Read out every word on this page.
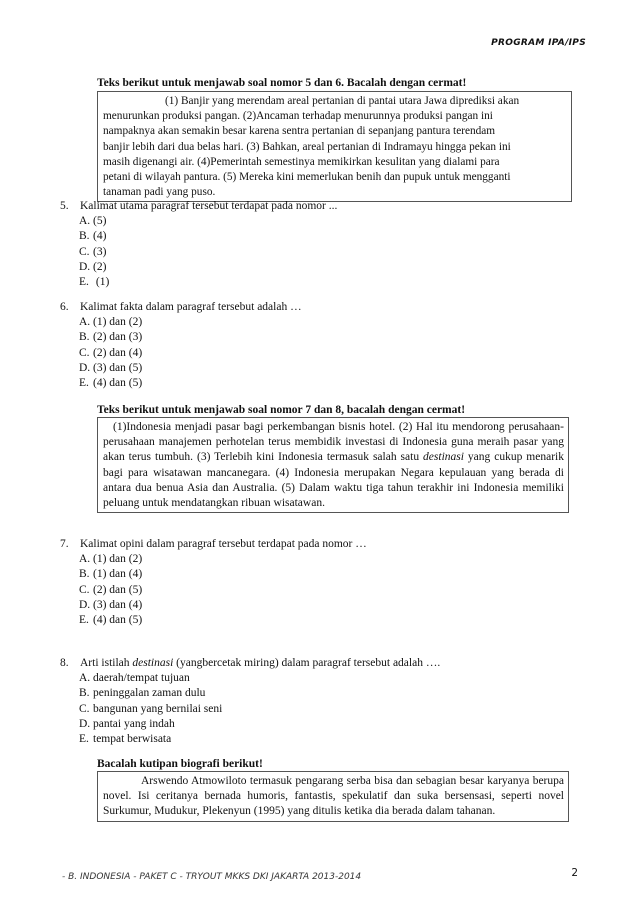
PROGRAM IPA/IPS
Teks berikut untuk menjawab soal nomor 5 dan 6. Bacalah dengan cermat!
(1) Banjir yang merendam areal pertanian di pantai utara Jawa diprediksi akan
menurunkan produksi pangan. (2)Ancaman terhadap menurunnya produksi pangan ini
nampaknya akan semakin besar karena sentra pertanian di sepanjang pantura terendam
banjir lebih dari dua belas hari. (3) Bahkan, areal pertanian di Indramayu hingga pekan ini
masih digenangi air. (4)Pemerintah semestinya memikirkan kesulitan yang dialami para
petani di wilayah pantura. (5) Mereka kini memerlukan benih dan pupuk untuk mengganti
tanaman padi yang puso.
5. Kalimat utama paragraf tersebut terdapat pada nomor ...
A. (5)
B. (4)
C. (3)
D. (2)
E. (1)
6. Kalimat fakta dalam paragraf tersebut adalah …
A. (1) dan (2)
B. (2) dan (3)
C. (2) dan (4)
D. (3) dan (5)
E. (4) dan (5)
Teks berikut untuk menjawab soal nomor 7 dan 8, bacalah dengan cermat!
(1)Indonesia menjadi pasar bagi perkembangan bisnis hotel. (2) Hal itu mendorong perusahaan-perusahaan manajemen perhotelan terus membidik investasi di Indonesia guna meraih pasar yang akan terus tumbuh. (3) Terlebih kini Indonesia termasuk salah satu destinasi yang cukup menarik bagi para wisatawan mancanegara. (4) Indonesia merupakan Negara kepulauan yang berada di antara dua benua Asia dan Australia. (5) Dalam waktu tiga tahun terakhir ini Indonesia memiliki peluang untuk mendatangkan ribuan wisatawan.
7. Kalimat opini dalam paragraf tersebut terdapat pada nomor …
A. (1) dan (2)
B. (1) dan (4)
C. (2) dan (5)
D. (3) dan (4)
E. (4) dan (5)
8. Arti istilah destinasi (yangbercetak miring) dalam paragraf tersebut adalah ….
A. daerah/tempat tujuan
B. peninggalan zaman dulu
C. bangunan yang bernilai seni
D. pantai yang indah
E. tempat berwisata
Bacalah kutipan biografi berikut!
Arswendo Atmowiloto termasuk pengarang serba bisa dan sebagian besar karyanya berupa novel. Isi ceritanya bernada humoris, fantastis, spekulatif dan suka bersensasi, seperti novel Surkumur, Mudukur, Plekenyun (1995) yang ditulis ketika dia berada dalam tahanan.
- B. INDONESIA - PAKET C - TRYOUT MKKS DKI JAKARTA 2013-2014	2
